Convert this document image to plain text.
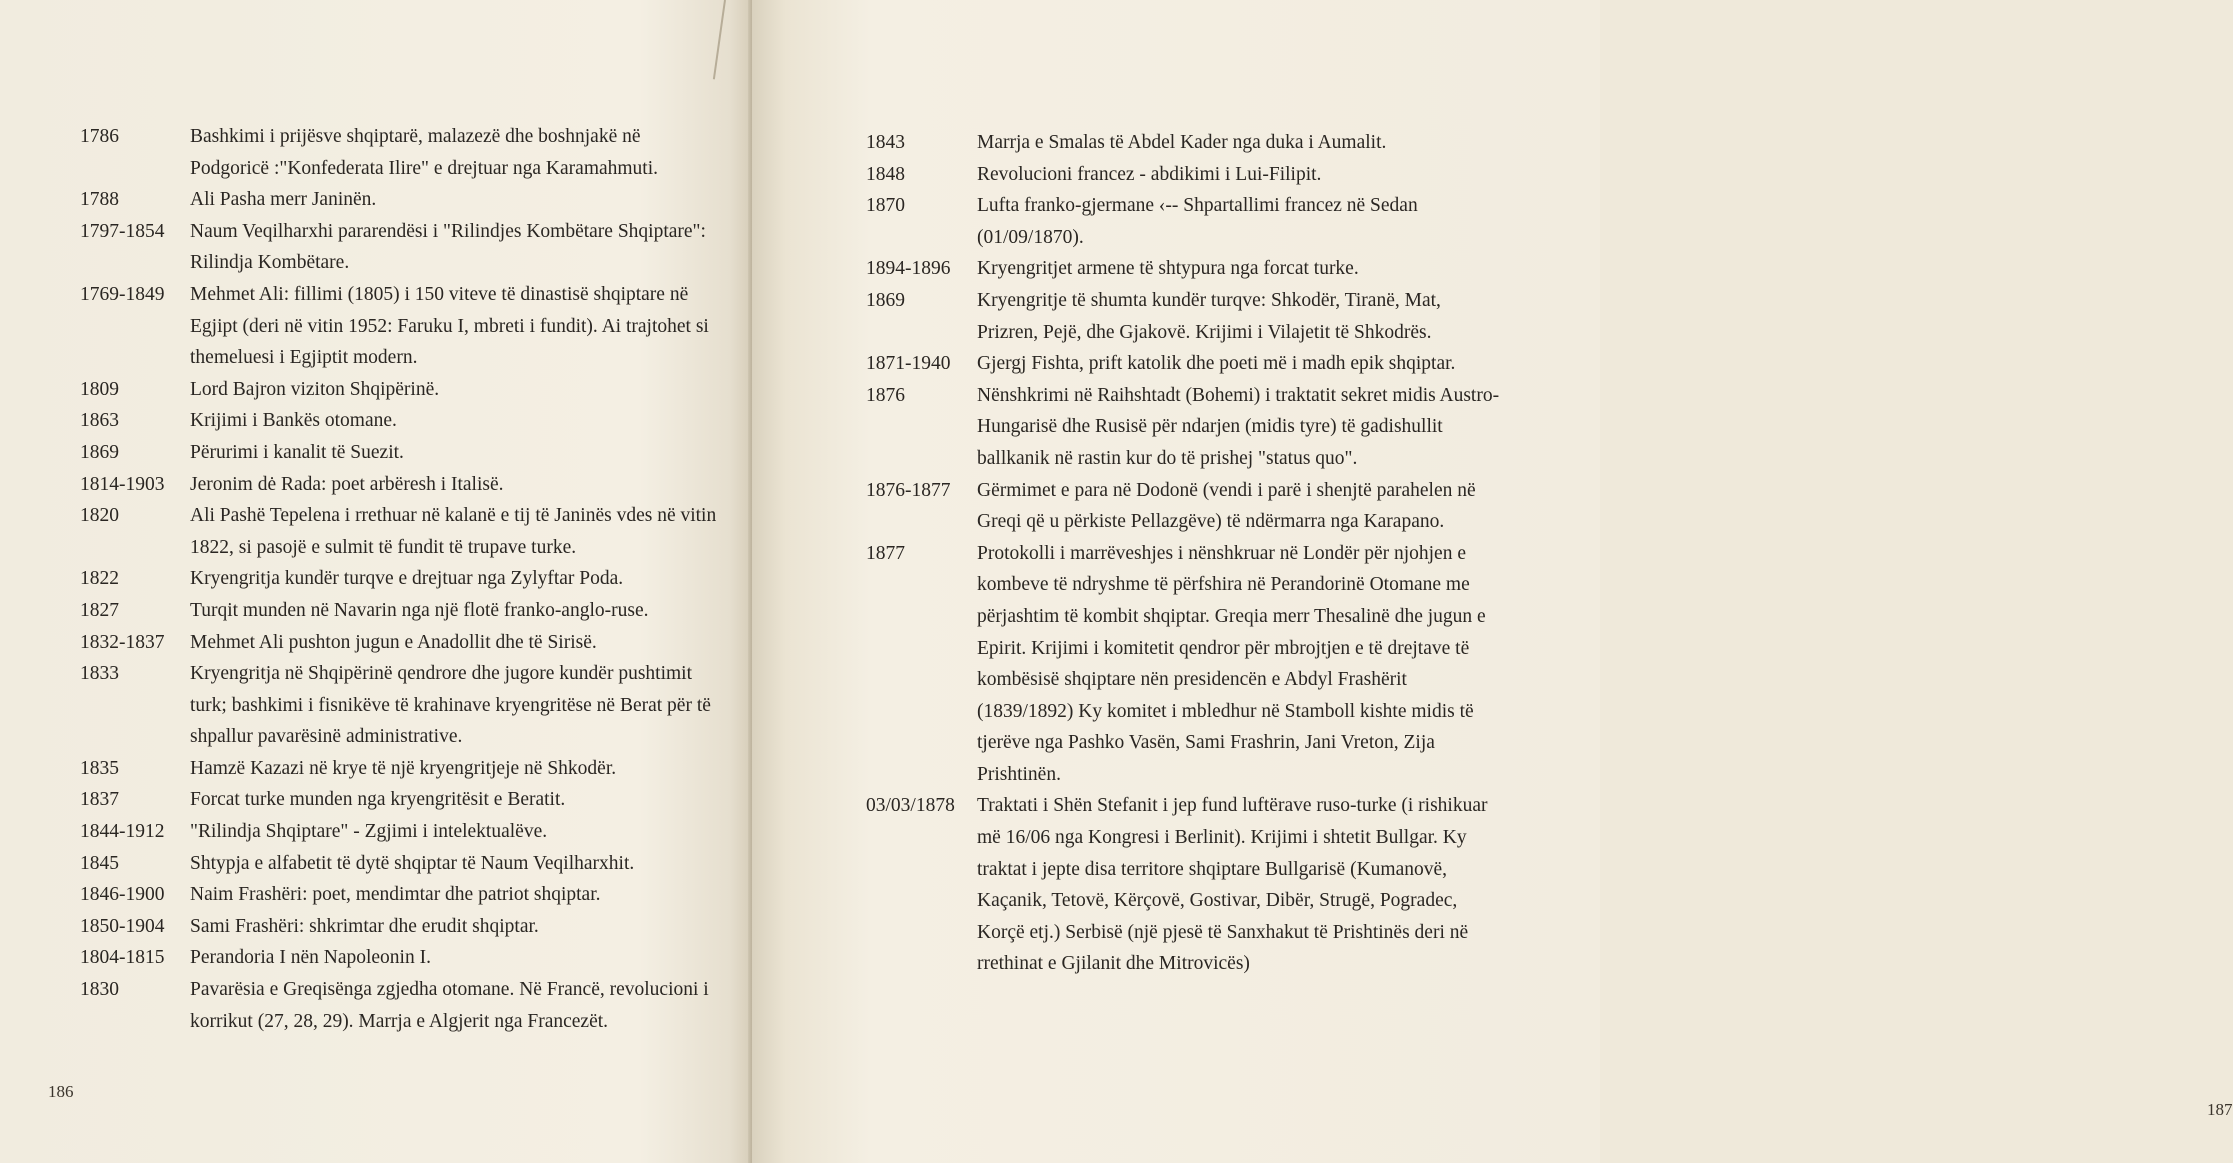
1786	Bashkimi i prijësve shqiptarë, malazezë dhe boshnjakë në Podgoricë :"Konfederata Ilire" e drejtuar nga Karamahmuti.
1788	Ali Pasha merr Janinën.
1797-1854	Naum Veqilharxhi pararendësi i "Rilindjes Kombëtare Shqiptare": Rilindja Kombëtare.
1769-1849	Mehmet Ali: fillimi (1805) i 150 viteve të dinastisë shqiptare në Egjipt (deri në vitin 1952: Faruku I, mbreti i fundit). Ai trajtohet si themeluesi i Egjiptit modern.
1809	Lord Bajron viziton Shqipërinë.
1863	Krijimi i Bankës otomane.
1869	Përurimi i kanalit të Suezit.
1814-1903	Jeronim dė Rada: poet arbëresh i Italisë.
1820	Ali Pashë Tepelena i rrethuar në kalanë e tij të Janinës vdes në vitin 1822, si pasojë e sulmit të fundit të trupave turke.
1822	Kryengritja kundër turqve e drejtuar nga Zylyftar Poda.
1827	Turqit munden në Navarin nga një flotë franko-anglo-ruse.
1832-1837	Mehmet Ali pushton jugun e Anadollit dhe të Sirisë.
1833	Kryengritja në Shqipërinë qendrore dhe jugore kundër pushtimit turk; bashkimi i fisnikëve të krahinave kryengritëse në Berat për të shpallur pavarësinë administrative.
1835	Hamzë Kazazi në krye të një kryengritjeje në Shkodër.
1837	Forcat turke munden nga kryengritësit e Beratit.
1844-1912	"Rilindja Shqiptare" - Zgjimi i intelektualëve.
1845	Shtypja e alfabetit të dytë shqiptar të Naum Veqilharxhit.
1846-1900	Naim Frashëri: poet, mendimtar dhe patriot shqiptar.
1850-1904	Sami Frashëri: shkrimtar dhe erudit shqiptar.
1804-1815	Perandoria I nën Napoleonin I.
1830	Pavarësia e Greqisënga zgjedha otomane. Në Francë, revolucioni i korrikut (27, 28, 29). Marrja e Algjerit nga Francezët.
186
1843	Marrja e Smalas të Abdel Kader nga duka i Aumalit.
1848	Revolucioni francez - abdikimi i Lui-Filipit.
1870	Lufta franko-gjermane ‹-- Shpartallimi francez në Sedan (01/09/1870).
1894-1896	Kryengritjet armene të shtypura nga forcat turke.
1869	Kryengritje të shumta kundër turqve: Shkodër, Tiranë, Mat, Prizren, Pejë, dhe Gjakovë. Krijimi i Vilajetit të Shkodrës.
1871-1940	Gjergj Fishta, prift katolik dhe poeti më i madh epik shqiptar.
1876	Nënshkrimi në Raihshtadt (Bohemi) i traktatit sekret midis Austro-Hungarisë dhe Rusisë për ndarjen (midis tyre) të gadishullit ballkanik në rastin kur do të prishej "status quo".
1876-1877	Gërmimet e para në Dodonë (vendi i parë i shenjtë parahelen në Greqi që u përkiste Pellazgëve) të ndërmarra nga Karapano.
1877	Protokolli i marrëveshjes i nënshkruar në Londër për njohjen e kombeve të ndryshme të përfshira në Perandorinë Otomane me përjashtim të kombit shqiptar. Greqia merr Thesalinë dhe jugun e Epirit. Krijimi i komitetit qendror për mbrojtjen e të drejtave të kombësisë shqiptare nën presidencën e Abdyl Frashërit (1839/1892) Ky komitet i mbledhur në Stamboll kishte midis të tjerëve nga Pashko Vasën, Sami Frashrin, Jani Vreton, Zija Prishtinën.
03/03/1878	Traktati i Shën Stefanit i jep fund luftërave ruso-turke (i rishikuar më 16/06 nga Kongresi i Berlinit). Krijimi i shtetit Bullgar. Ky traktat i jepte disa territore shqiptare Bullgarisë (Kumanovë, Kaçanik, Tetovë, Kërçovë, Gostivar, Dibër, Strugë, Pogradec, Korçë etj.) Serbisë (një pjesë të Sanxhakut të Prishtinës deri në rrethinat e Gjilanit dhe Mitrovicës)
187
